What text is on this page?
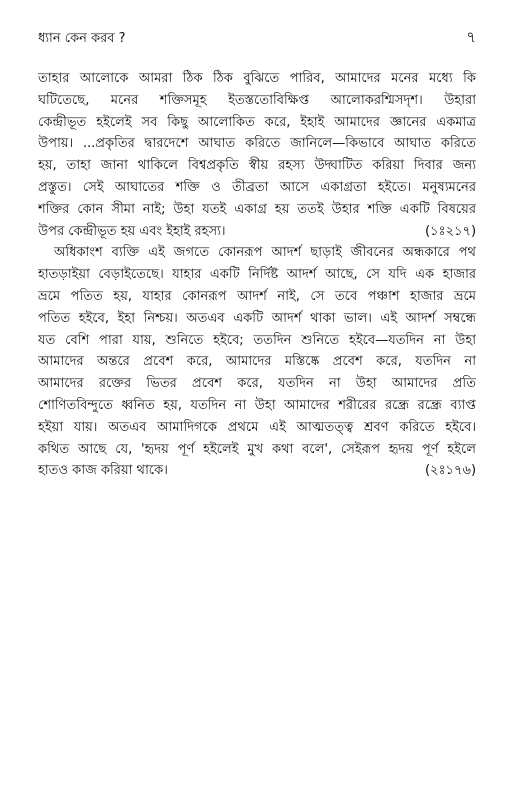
ধ্যান কেন করব ?	৭
তাহার আলোকে আমরা ঠিক ঠিক বুঝিতে পারিব, আমাদের মনের মধ্যে কি
ঘটিতেছে, মনের শক্তিসমূহ ইতস্ততোবিক্ষিপ্ত আলোকরশ্মিসদৃশ। উহারা
কেন্দ্রীভূত হইলেই সব কিছু আলোকিত করে, ইহাই আমাদের জ্ঞানের একমাত্র
উপায়। ...প্রকৃতির দ্বারদেশে আঘাত করিতে জানিলে—কিভাবে আঘাত করিতে
হয়, তাহা জানা থাকিলে বিশ্বপ্রকৃতি স্বীয় রহস্য উদ্ঘাটিত করিয়া দিবার জন্য
প্রস্তুত। সেই আঘাতের শক্তি ও তীব্রতা আসে একাগ্রতা হইতে। মনুষ্যমনের
শক্তির কোন সীমা নাই; উহা যতই একাগ্র হয় ততই উহার শক্তি একটি বিষয়ের
উপর কেন্দ্রীভূত হয় এবং ইহাই রহস্য।	(১ঃ২১৭)
অধিকাংশ ব্যক্তি এই জগতে কোনরূপ আদর্শ ছাড়াই জীবনের অন্ধকারে পথ
হাতড়াইয়া বেড়াইতেছে। যাহার একটি নির্দিষ্ট আদর্শ আছে, সে যদি এক হাজার
ভ্রমে পতিত হয়, যাহার কোনরূপ আদর্শ নাই, সে তবে পঞ্চাশ হাজার ভ্রমে
পতিত হইবে, ইহা নিশ্চয়। অতএব একটি আদর্শ থাকা ভাল। এই আদর্শ সম্বন্ধে
যত বেশি পারা যায়, শুনিতে হইবে; ততদিন শুনিতে হইবে—যতদিন না উহা
আমাদের অন্তরে প্রবেশ করে, আমাদের মস্তিষ্কে প্রবেশ করে, যতদিন না
আমাদের রক্তের ভিতর প্রবেশ করে, যতদিন না উহা আমাদের প্রতি
শোণিতবিন্দুতে ধ্বনিত হয়, যতদিন না উহা আমাদের শরীরের রন্ধ্রে রন্ধ্রে ব্যাপ্ত
হইয়া যায়। অতএব আমাদিগকে প্রথমে এই আত্মতত্ত্ব শ্রবণ করিতে হইবে।
কথিত আছে যে, 'হৃদয় পূর্ণ হইলেই মুখ কথা বলে', সেইরূপ হৃদয় পূর্ণ হইলে
হাতও কাজ করিয়া থাকে।	(২ঃ১৭৬)
